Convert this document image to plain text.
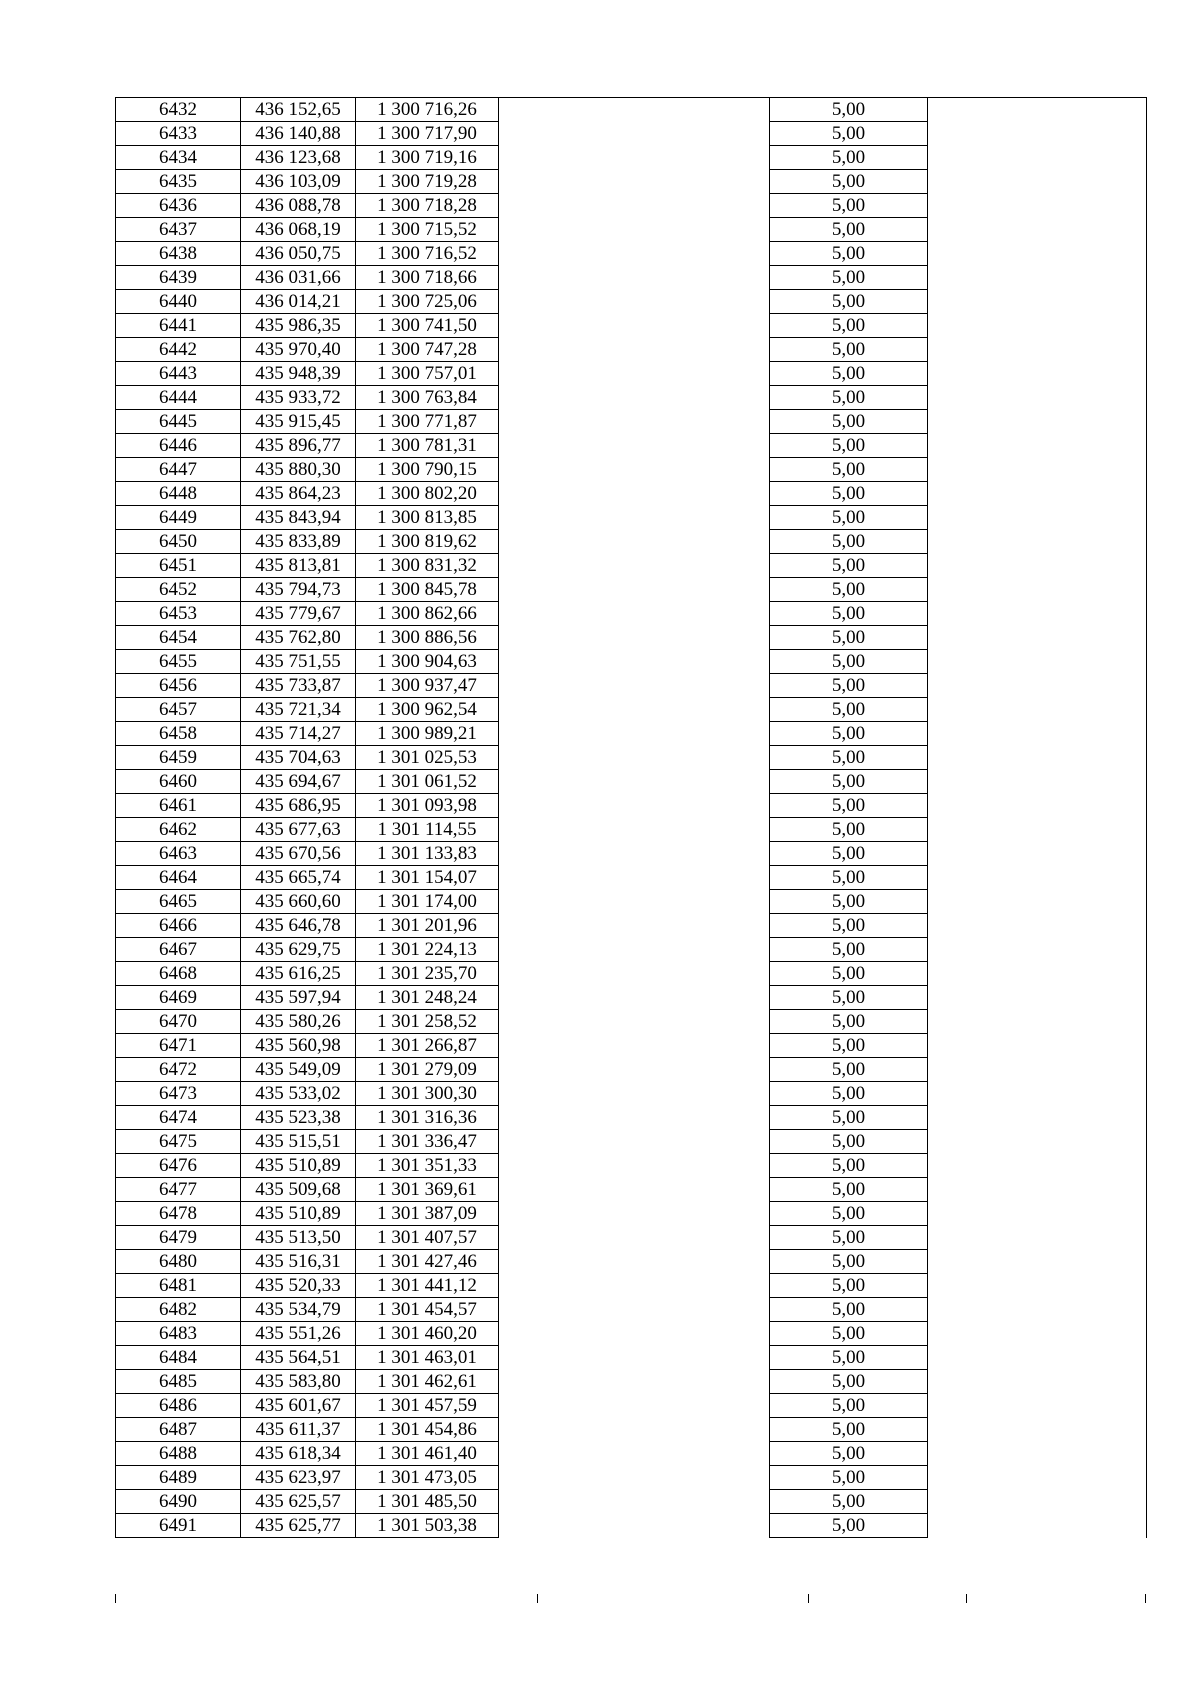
6432	436 152,65	1 300 716,26		5,00	
6433	436 140,88	1 300 717,90		5,00	
6434	436 123,68	1 300 719,16		5,00	
6435	436 103,09	1 300 719,28		5,00	
6436	436 088,78	1 300 718,28		5,00	
6437	436 068,19	1 300 715,52		5,00	
6438	436 050,75	1 300 716,52		5,00	
6439	436 031,66	1 300 718,66		5,00	
6440	436 014,21	1 300 725,06		5,00	
6441	435 986,35	1 300 741,50		5,00	
6442	435 970,40	1 300 747,28		5,00	
6443	435 948,39	1 300 757,01		5,00	
6444	435 933,72	1 300 763,84		5,00	
6445	435 915,45	1 300 771,87		5,00	
6446	435 896,77	1 300 781,31		5,00	
6447	435 880,30	1 300 790,15		5,00	
6448	435 864,23	1 300 802,20		5,00	
6449	435 843,94	1 300 813,85		5,00	
6450	435 833,89	1 300 819,62		5,00	
6451	435 813,81	1 300 831,32		5,00	
6452	435 794,73	1 300 845,78		5,00	
6453	435 779,67	1 300 862,66		5,00	
6454	435 762,80	1 300 886,56		5,00	
6455	435 751,55	1 300 904,63		5,00	
6456	435 733,87	1 300 937,47		5,00	
6457	435 721,34	1 300 962,54		5,00	
6458	435 714,27	1 300 989,21		5,00	
6459	435 704,63	1 301 025,53		5,00	
6460	435 694,67	1 301 061,52		5,00	
6461	435 686,95	1 301 093,98		5,00	
6462	435 677,63	1 301 114,55		5,00	
6463	435 670,56	1 301 133,83		5,00	
6464	435 665,74	1 301 154,07		5,00	
6465	435 660,60	1 301 174,00		5,00	
6466	435 646,78	1 301 201,96		5,00	
6467	435 629,75	1 301 224,13		5,00	
6468	435 616,25	1 301 235,70		5,00	
6469	435 597,94	1 301 248,24		5,00	
6470	435 580,26	1 301 258,52		5,00	
6471	435 560,98	1 301 266,87		5,00	
6472	435 549,09	1 301 279,09		5,00	
6473	435 533,02	1 301 300,30		5,00	
6474	435 523,38	1 301 316,36		5,00	
6475	435 515,51	1 301 336,47		5,00	
6476	435 510,89	1 301 351,33		5,00	
6477	435 509,68	1 301 369,61		5,00	
6478	435 510,89	1 301 387,09		5,00	
6479	435 513,50	1 301 407,57		5,00	
6480	435 516,31	1 301 427,46		5,00	
6481	435 520,33	1 301 441,12		5,00	
6482	435 534,79	1 301 454,57		5,00	
6483	435 551,26	1 301 460,20		5,00	
6484	435 564,51	1 301 463,01		5,00	
6485	435 583,80	1 301 462,61		5,00	
6486	435 601,67	1 301 457,59		5,00	
6487	435 611,37	1 301 454,86		5,00	
6488	435 618,34	1 301 461,40		5,00	
6489	435 623,97	1 301 473,05		5,00	
6490	435 625,57	1 301 485,50		5,00	
6491	435 625,77	1 301 503,38		5,00	
